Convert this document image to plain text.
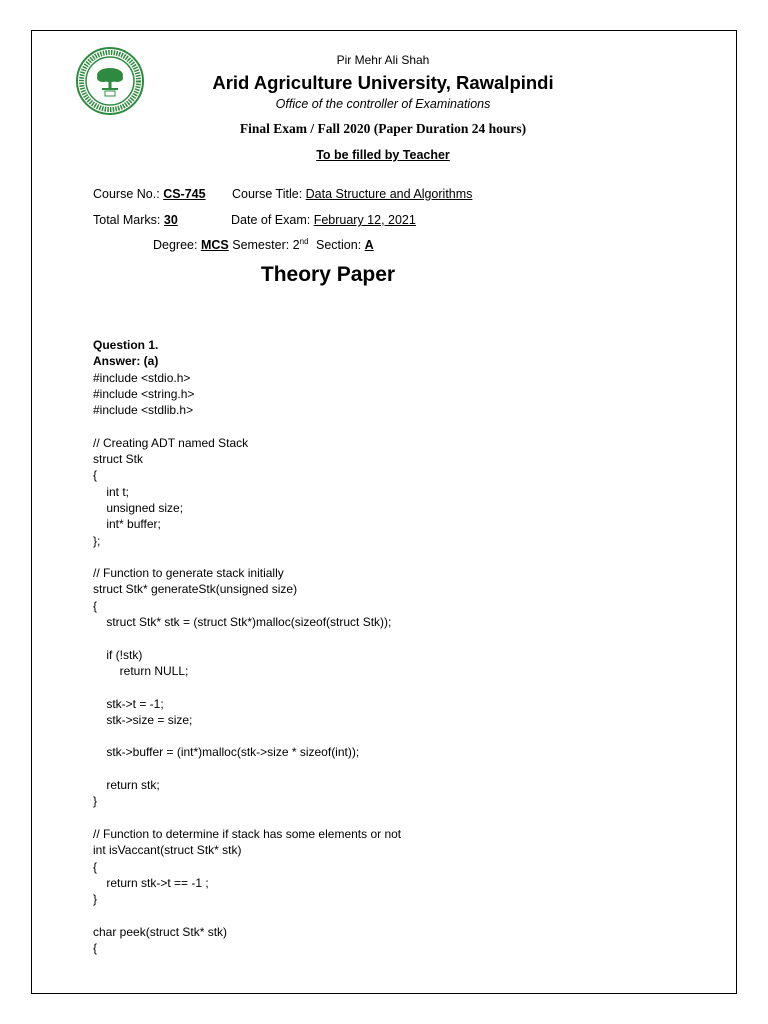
Pir Mehr Ali Shah
Arid Agriculture University, Rawalpindi
Office of the controller of Examinations
Final Exam / Fall 2020 (Paper Duration 24 hours)
To be filled by Teacher
Course No.: CS-745 Course Title: Data Structure and Algorithms
Total Marks: 30	Date of Exam: February 12, 2021
Degree: MCS Semester: 2nd Section: A
Theory Paper
Question 1.
Answer: (a)
#include <stdio.h>
#include <string.h>
#include <stdlib.h>
// Creating ADT named Stack
struct Stk
{
int t;
unsigned size;
int* buffer;
};
// Function to generate stack initially
struct Stk* generateStk(unsigned size)
{
struct Stk* stk = (struct Stk*)malloc(sizeof(struct Stk));
if (!stk)
return NULL;
stk->t = -1;
stk->size = size;
stk->buffer = (int*)malloc(stk->size * sizeof(int));
return stk;
}
// Function to determine if stack has some elements or not
int isVaccant(struct Stk* stk)
{
return stk->t == -1 ;
}
char peek(struct Stk* stk)
{
